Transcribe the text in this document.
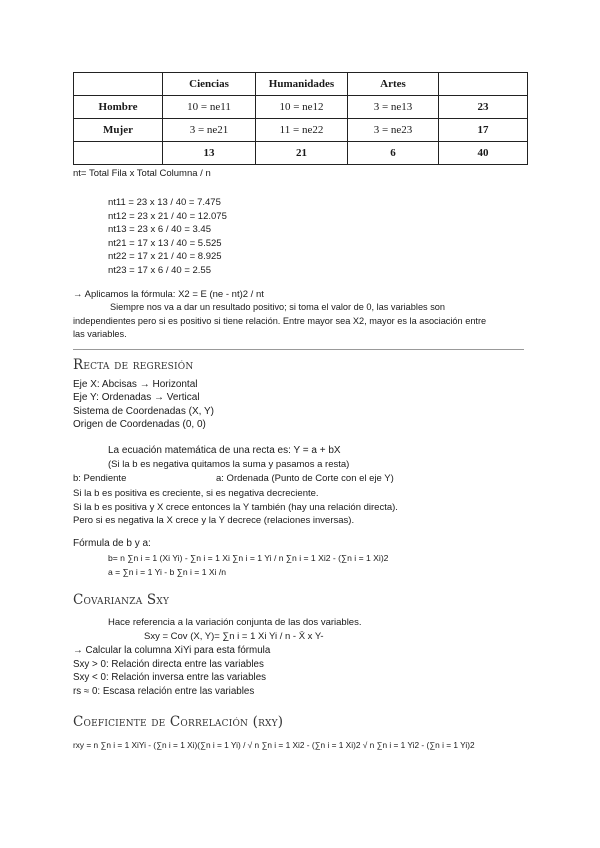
	Ciencias	Humanidades	Artes	
Hombre	10 = ne11	10 = ne12	3 = ne13	23
Mujer	3 = ne21	11 = ne22	3 = ne23	17
	13	21	6	40
nt= Total Fila x Total Columna / n
nt11 = 23 x 13 / 40 = 7.475
nt12 = 23 x 21 / 40 = 12.075
nt13 = 23 x 6 / 40 = 3.45
nt21 = 17 x 13 / 40 = 5.525
nt22 = 17 x 21 / 40 = 8.925
nt23 = 17 x 6 / 40 = 2.55
→ Aplicamos la fórmula: X2 = E (ne - nt)2 / nt
Siempre nos va a dar un resultado positivo; si toma el valor de 0, las variables son
independientes pero si es positivo si tiene relación. Entre mayor sea X2, mayor es la asociación entre
las variables.
Recta de regresión
Eje X: Abcisas → Horizontal
Eje Y: Ordenadas → Vertical
Sistema de Coordenadas (X, Y)
Origen de Coordenadas (0, 0)
La ecuación matemática de una recta es: Y = a + bX
(Si la b es negativa quitamos la suma y pasamos a resta)
b: Pendiente	a: Ordenada (Punto de Corte con el eje Y)
Si la b es positiva es creciente, si es negativa decreciente.
Si la b es positiva y X crece entonces la Y también (hay una relación directa).
Pero si es negativa la X crece y la Y decrece (relaciones inversas).
Fórmula de b y a:
b= n ∑n i = 1 (Xi Yi) - ∑n i = 1 Xi ∑n i = 1 Yi / n ∑n i = 1 Xi2 - (∑n i = 1 Xi)2
a = ∑n i = 1 Yi - b ∑n i = 1 Xi /n
Covarianza Sxy
Hace referencia a la variación conjunta de las dos variables.
Sxy = Cov (X, Y)= ∑n i = 1 Xi Yi / n - X̄ x Y-
→ Calcular la columna XiYi para esta fórmula
Sxy > 0: Relación directa entre las variables
Sxy < 0: Relación inversa entre las variables
rs ≈ 0: Escasa relación entre las variables
Coeficiente de Correlación (rxy)
rxy = n ∑n i = 1 XiYi - (∑n i = 1 Xi)(∑n i = 1 Yi) / √ n ∑n i = 1 Xi2 - (∑n i = 1 Xi)2 √ n ∑n i = 1 Yi2 - (∑n i = 1 Yi)2
